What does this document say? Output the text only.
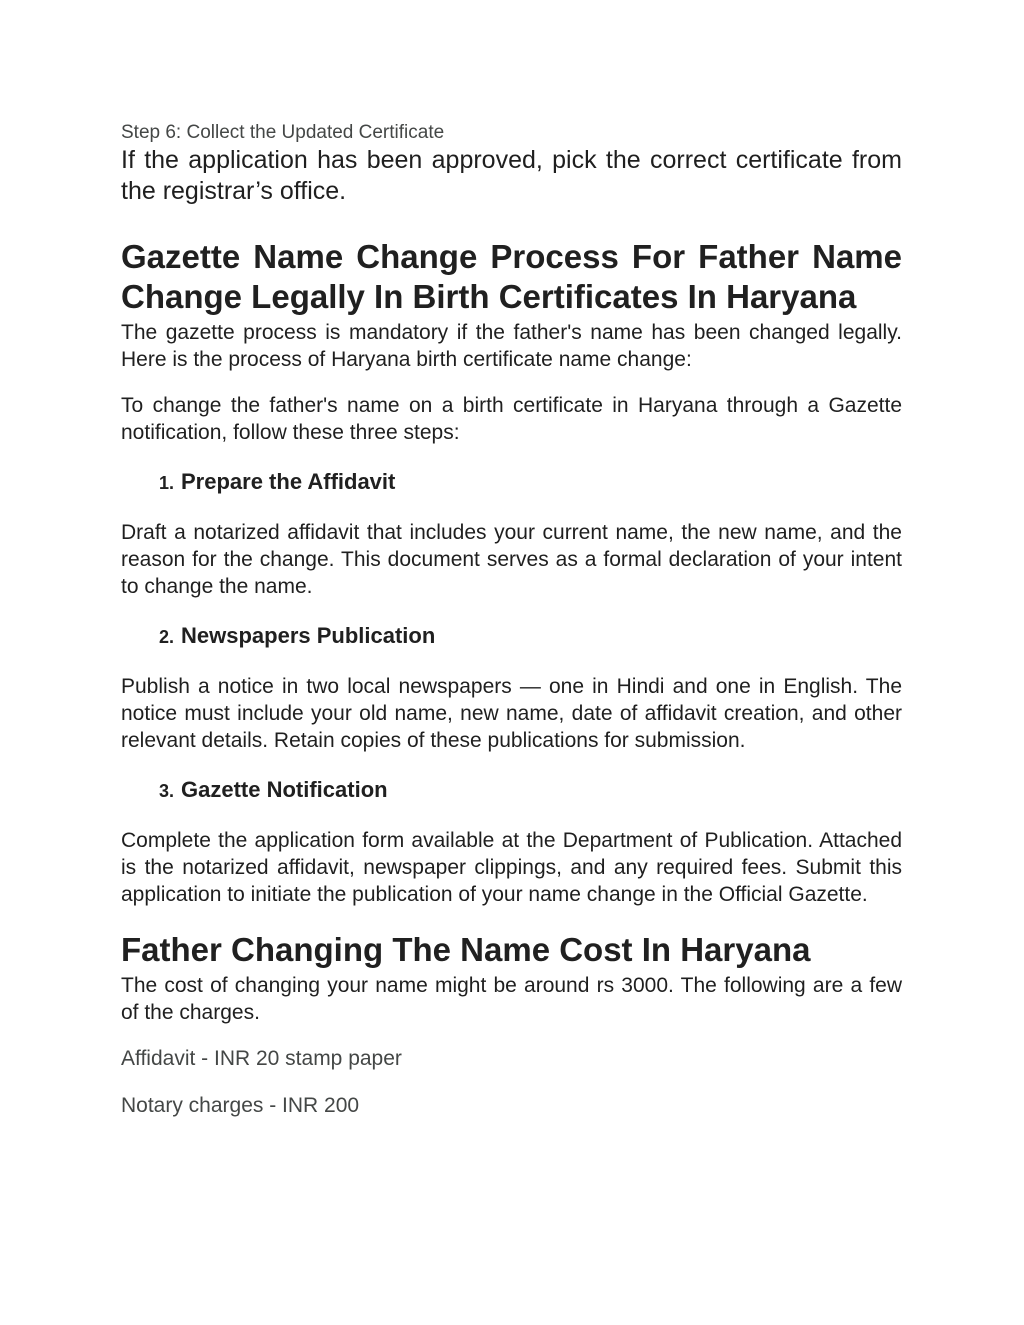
Step 6: Collect the Updated Certificate

If the application has been approved, pick the correct certificate from the registrar’s office.

Gazette Name Change Process For Father Name Change Legally In Birth Certificates In Haryana

The gazette process is mandatory if the father's name has been changed legally. Here is the process of Haryana birth certificate name change:

To change the father's name on a birth certificate in Haryana through a Gazette notification, follow these three steps:

1. Prepare the Affidavit

Draft a notarized affidavit that includes your current name, the new name, and the reason for the change. This document serves as a formal declaration of your intent to change the name.

2. Newspapers Publication

Publish a notice in two local newspapers — one in Hindi and one in English. The notice must include your old name, new name, date of affidavit creation, and other relevant details. Retain copies of these publications for submission.

3. Gazette Notification

Complete the application form available at the Department of Publication. Attached is the notarized affidavit, newspaper clippings, and any required fees. Submit this application to initiate the publication of your name change in the Official Gazette.

Father Changing The Name Cost In Haryana

The cost of changing your name might be around rs 3000. The following are a few of the charges.

Affidavit - INR 20 stamp paper

Notary charges - INR 200
